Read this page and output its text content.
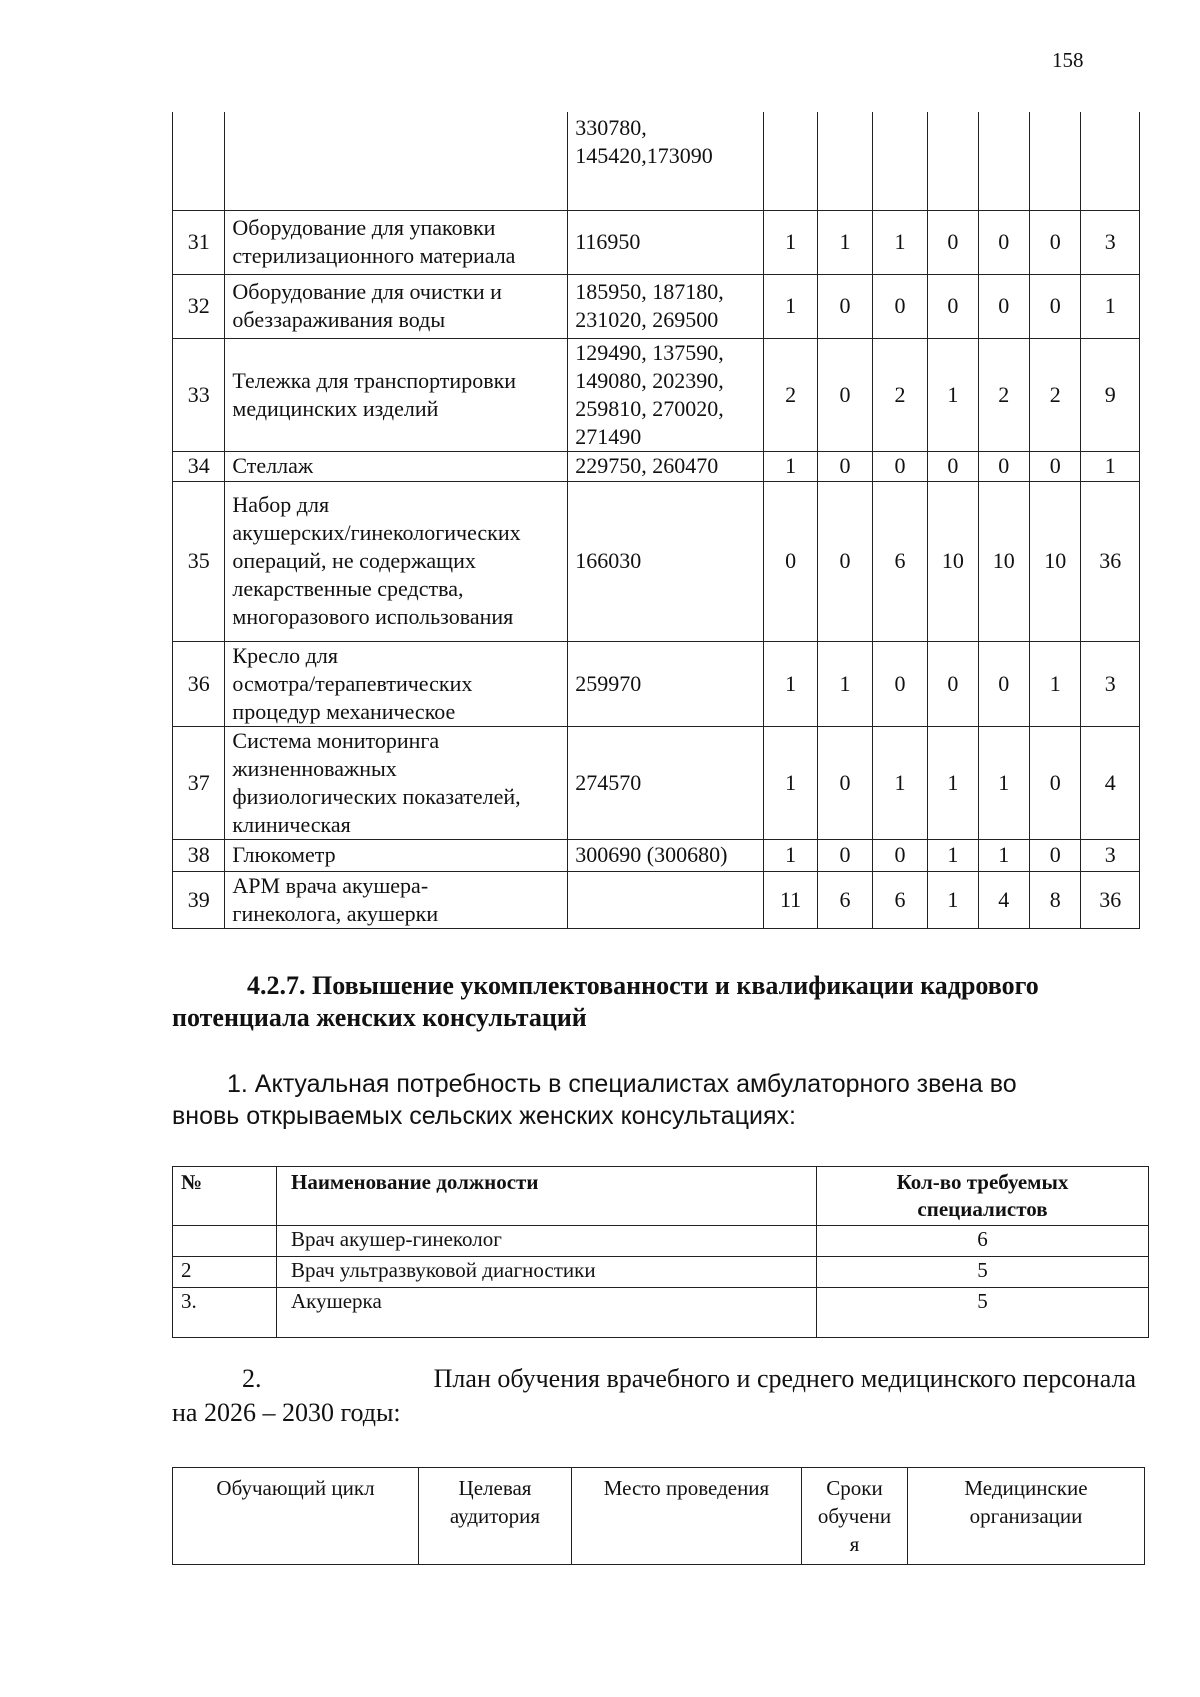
158
		330780,
145420,173090							
31	Оборудование для упаковки
стерилизационного материала	116950	1	1	1	0	0	0	3
32	Оборудование для очистки и
обеззараживания воды	185950, 187180,
231020, 269500	1	0	0	0	0	0	1
33	Тележка для транспортировки
медицинских изделий	129490, 137590,
149080, 202390,
259810, 270020,
271490	2	0	2	1	2	2	9
34	Стеллаж	229750, 260470	1	0	0	0	0	0	1
35	Набор для
акушерских/гинекологических
операций, не содержащих
лекарственные средства,
многоразового использования	166030	0	0	6	10	10	10	36
36	Кресло для
осмотра/терапевтических
процедур механическое	259970	1	1	0	0	0	1	3
37	Система мониторинга
жизненноважных
физиологических показателей,
клиническая	274570	1	0	1	1	1	0	4
38	Глюкометр	300690 (300680)	1	0	0	1	1	0	3
39	АРМ врача акушера-
гинеколога, акушерки		11	6	6	1	4	8	36
4.2.7. Повышение укомплектованности и квалификации кадрового
потенциала женских консультаций
1. Актуальная потребность в специалистах амбулаторного звена во
вновь открываемых сельских женских консультациях:
№	Наименование должности	Кол-во требуемых
специалистов
	Врач акушер-гинеколог	6
2	Врач ультразвуковой диагностики	5
3.	Акушерка	5
2.	План обучения врачебного и среднего медицинского персонала
на 2026 – 2030 годы:
Обучающий цикл	Целевая
аудитория	Место проведения	Сроки
обучени
я	Медицинские
организации
